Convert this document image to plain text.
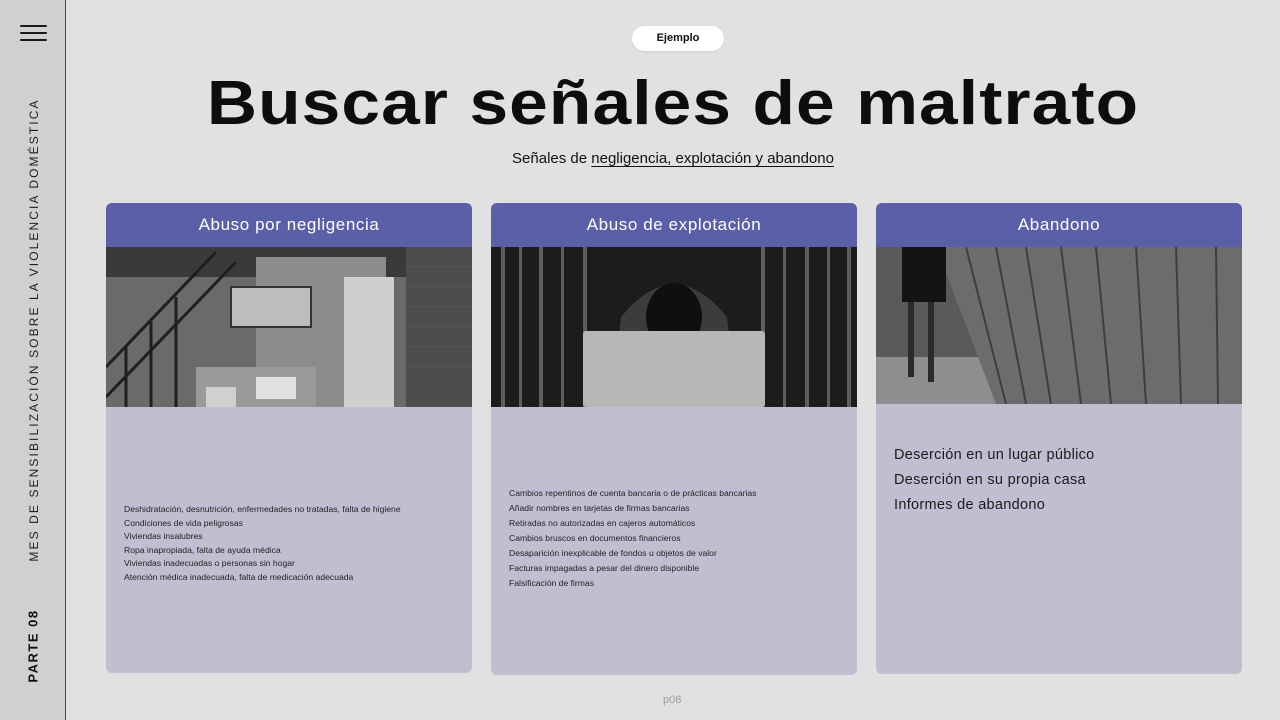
MES DE SENSIBILIZACIÓN SOBRE LA VIOLENCIA DOMÉSTICA
PARTE 08
Ejemplo
Buscar señales de maltrato
Señales de negligencia, explotación y abandono
Abuso por negligencia
Deshidratación, desnutrición, enfermedades no tratadas, falta de higiene
Condiciones de vida peligrosas
Viviendas insalubres
Ropa inapropiada, falta de ayuda médica
Viviendas inadecuadas o personas sin hogar
Atención médica inadecuada, falta de medicación adecuada
Abuso de explotación
Cambios repentinos de cuenta bancaria o de prácticas bancarias
Añadir nombres en tarjetas de firmas bancarias
Retiradas no autorizadas en cajeros automáticos
Cambios bruscos en documentos financieros
Desaparición inexplicable de fondos u objetos de valor
Facturas impagadas a pesar del dinero disponible
Falsificación de firmas
Abandono
Deserción en un lugar público
Deserción en su propia casa
Informes de abandono
p08
